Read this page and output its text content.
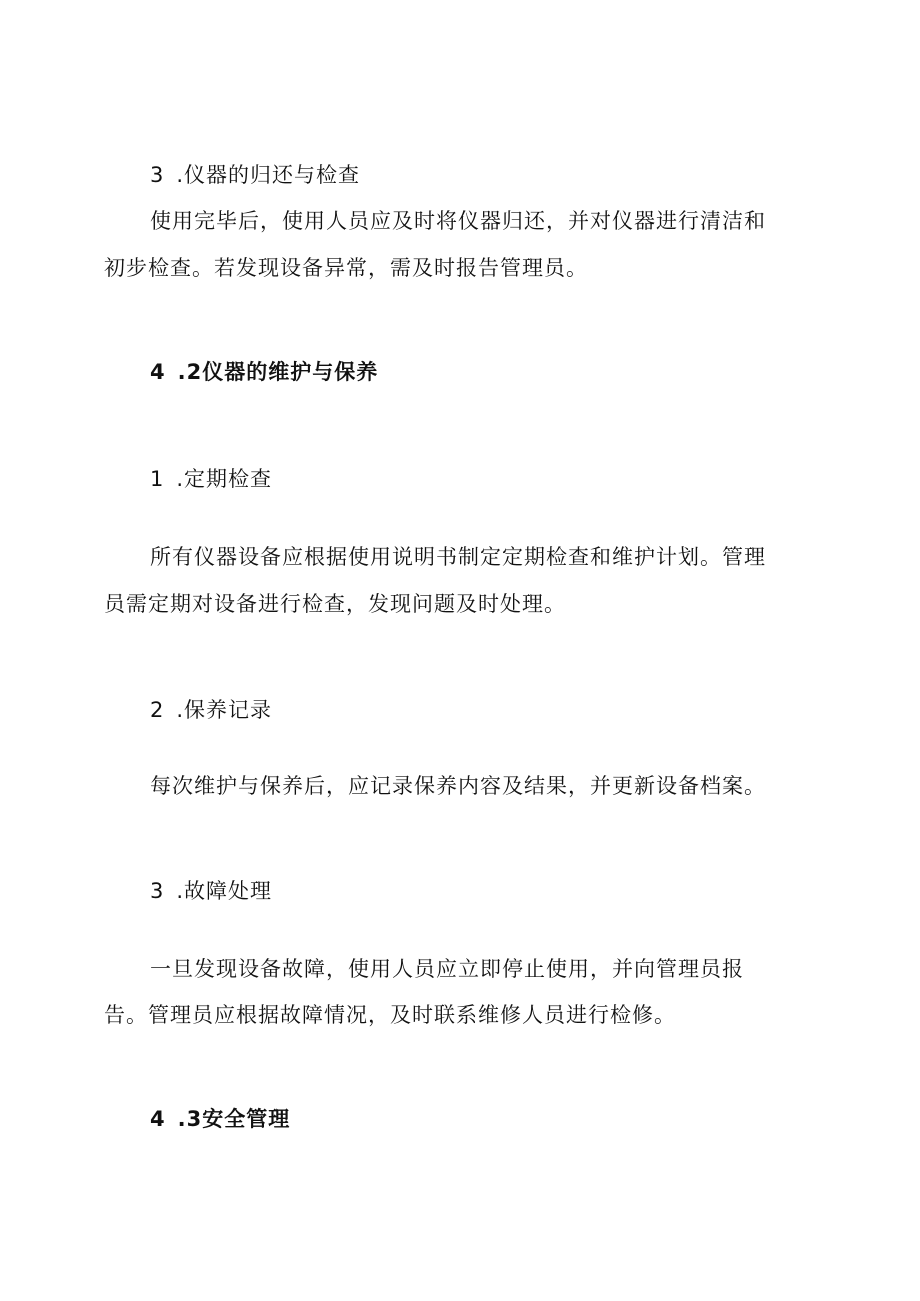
3 .仪器的归还与检查
使用完毕后，使用人员应及时将仪器归还，并对仪器进行清洁和
初步检查。若发现设备异常，需及时报告管理员。
4 .2仪器的维护与保养
1 .定期检查
所有仪器设备应根据使用说明书制定定期检查和维护计划。管理
员需定期对设备进行检查，发现问题及时处理。
2 .保养记录
每次维护与保养后，应记录保养内容及结果，并更新设备档案。
3 .故障处理
一旦发现设备故障，使用人员应立即停止使用，并向管理员报
告。管理员应根据故障情况，及时联系维修人员进行检修。
4 .3安全管理
